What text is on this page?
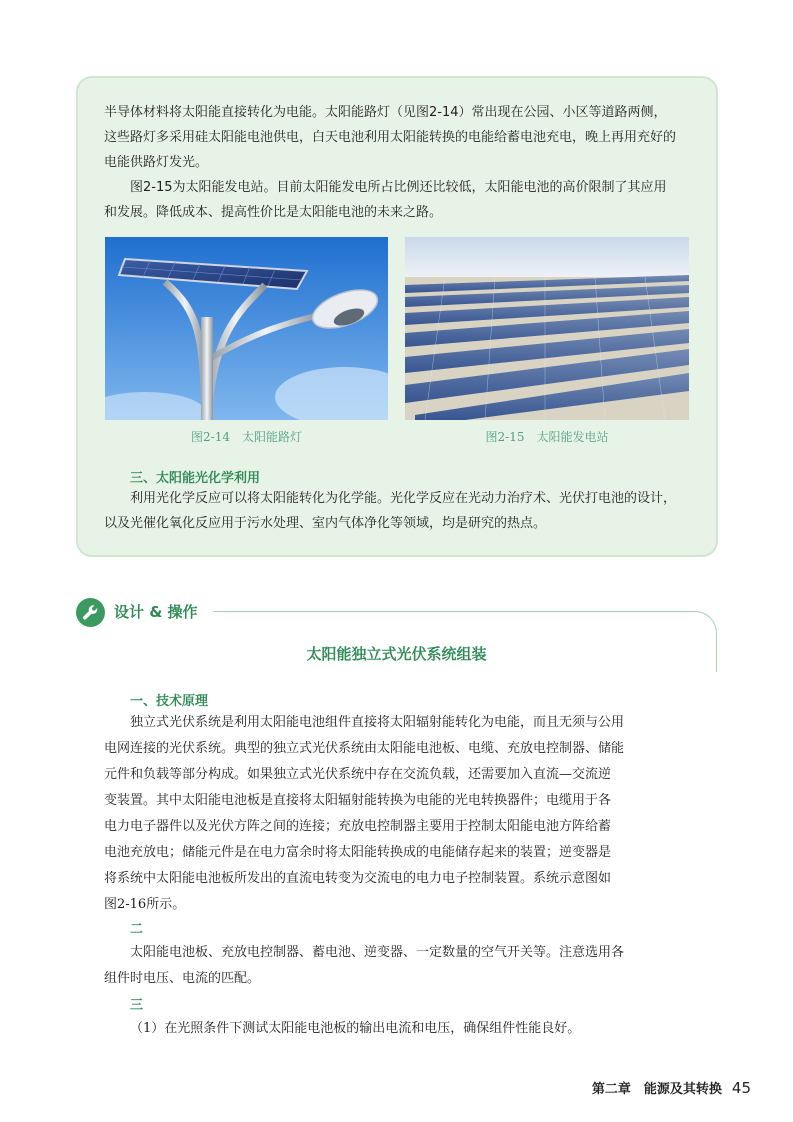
半导体材料将太阳能直接转化为电能。太阳能路灯（见图2-14）常出现在公园、小区等道路两侧，
这些路灯多采用硅太阳能电池供电，白天电池利用太阳能转换的电能给蓄电池充电，晚上再用充好的
电能供路灯发光。
图2-15为太阳能发电站。目前太阳能发电所占比例还比较低，太阳能电池的高价限制了其应用
和发展。降低成本、提高性价比是太阳能电池的未来之路。
图2-14　太阳能路灯	图2-15　太阳能发电站
三、太阳能光化学利用
利用光化学反应可以将太阳能转化为化学能。光化学反应在光动力治疗术、光伏打电池的设计，
以及光催化氧化反应用于污水处理、室内气体净化等领域，均是研究的热点。
设计 & 操作
太阳能独立式光伏系统组装
一、技术原理
独立式光伏系统是利用太阳能电池组件直接将太阳辐射能转化为电能，而且无须与公用
电网连接的光伏系统。典型的独立式光伏系统由太阳能电池板、电缆、充放电控制器、储能
元件和负载等部分构成。如果独立式光伏系统中存在交流负载，还需要加入直流—交流逆
变装置。其中太阳能电池板是直接将太阳辐射能转换为电能的光电转换器件；电缆用于各
电力电子器件以及光伏方阵之间的连接；充放电控制器主要用于控制太阳能电池方阵给蓄
电池充放电；储能元件是在电力富余时将太阳能转换成的电能储存起来的装置；逆变器是
将系统中太阳能电池板所发出的直流电转变为交流电的电力电子控制装置。系统示意图如
图2-16所示。
二
太阳能电池板、充放电控制器、蓄电池、逆变器、一定数量的空气开关等。注意选用各
组件时电压、电流的匹配。
三
（1）在光照条件下测试太阳能电池板的输出电流和电压，确保组件性能良好。
第二章　能源及其转换 45
